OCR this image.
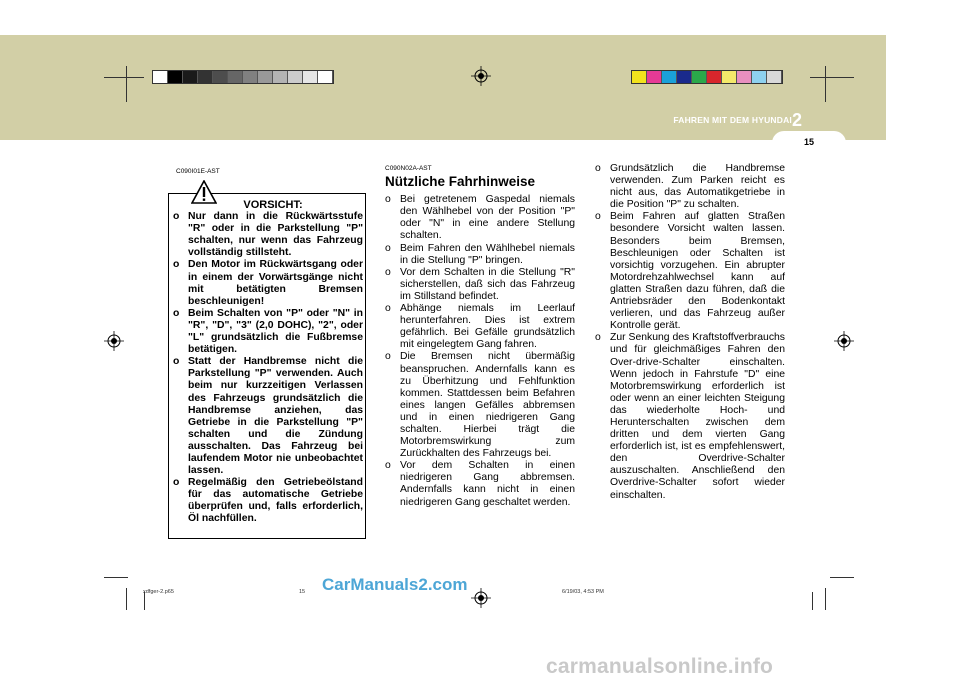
FAHREN MIT DEM HYUNDAI 2
15
C090I01E-AST
VORSICHT:
o Nur dann in die Rückwärtsstufe "R" oder in die Parkstellung "P" schalten, nur wenn das Fahrzeug vollständig stillsteht.
o Den Motor im Rückwärtsgang oder in einem der Vorwärtsgänge nicht mit betätigten Bremsen beschleunigen!
o Beim Schalten von "P" oder "N" in "R", "D", "3" (2,0 DOHC), "2", oder "L" grundsätzlich die Fußbremse betätigen.
o Statt der Handbremse nicht die Parkstellung "P" verwenden. Auch beim nur kurzzeitigen Verlassen des Fahrzeugs grundsätzlich die Handbremse anziehen, das Getriebe in die Parkstellung "P" schalten und die Zündung ausschalten. Das Fahrzeug bei laufendem Motor nie unbeobachtet lassen.
o Regelmäßig den Getriebeölstand für das automatische Getriebe überprüfen und, falls erforderlich, Öl nachfüllen.
C090N02A-AST
Nützliche Fahrhinweise
o Bei getretenem Gaspedal niemals den Wählhebel von der Position "P" oder "N" in eine andere Stellung schalten.
o Beim Fahren den Wählhebel niemals in die Stellung "P" bringen.
o Vor dem Schalten in die Stellung "R" sicherstellen, daß sich das Fahrzeug im Stillstand befindet.
o Abhänge niemals im Leerlauf herunterfahren. Dies ist extrem gefährlich. Bei Gefälle grundsätzlich mit eingelegtem Gang fahren.
o Die Bremsen nicht übermäßig beanspruchen. Andernfalls kann es zu Überhitzung und Fehlfunktion kommen. Stattdessen beim Befahren eines langen Gefälles abbremsen und in einen niedrigeren Gang schalten. Hierbei trägt die Motorbremswirkung zum Zurückhalten des Fahrzeugs bei.
o Vor dem Schalten in einen niedrigeren Gang abbremsen. Andernfalls kann nicht in einen niedrigeren Gang geschaltet werden.
o Grundsätzlich die Handbremse verwenden. Zum Parken reicht es nicht aus, das Automatikgetriebe in die Position "P" zu schalten.
o Beim Fahren auf glatten Straßen besondere Vorsicht walten lassen. Besonders beim Bremsen, Beschleunigen oder Schalten ist vorsichtig vorzugehen. Ein abrupter Motordrehzahlwechsel kann auf glatten Straßen dazu führen, daß die Antriebsräder den Bodenkontakt verlieren, und das Fahrzeug außer Kontrolle gerät.
o Zur Senkung des Kraftstoffverbrauchs und für gleichmäßiges Fahren den Over-drive-Schalter einschalten. Wenn jedoch in Fahrstufe "D" eine Motorbremswirkung erforderlich ist oder wenn an einer leichten Steigung das wiederholte Hoch- und Herunterschalten zwischen dem dritten und dem vierten Gang erforderlich ist, ist es empfehlenswert, den Overdrive-Schalter auszuschalten. Anschließend den Overdrive-Schalter sofort wieder einschalten.
xdfger-2.p65	15	6/19/03, 4:53 PM
CarManuals2.com
carmanualsonline.info
